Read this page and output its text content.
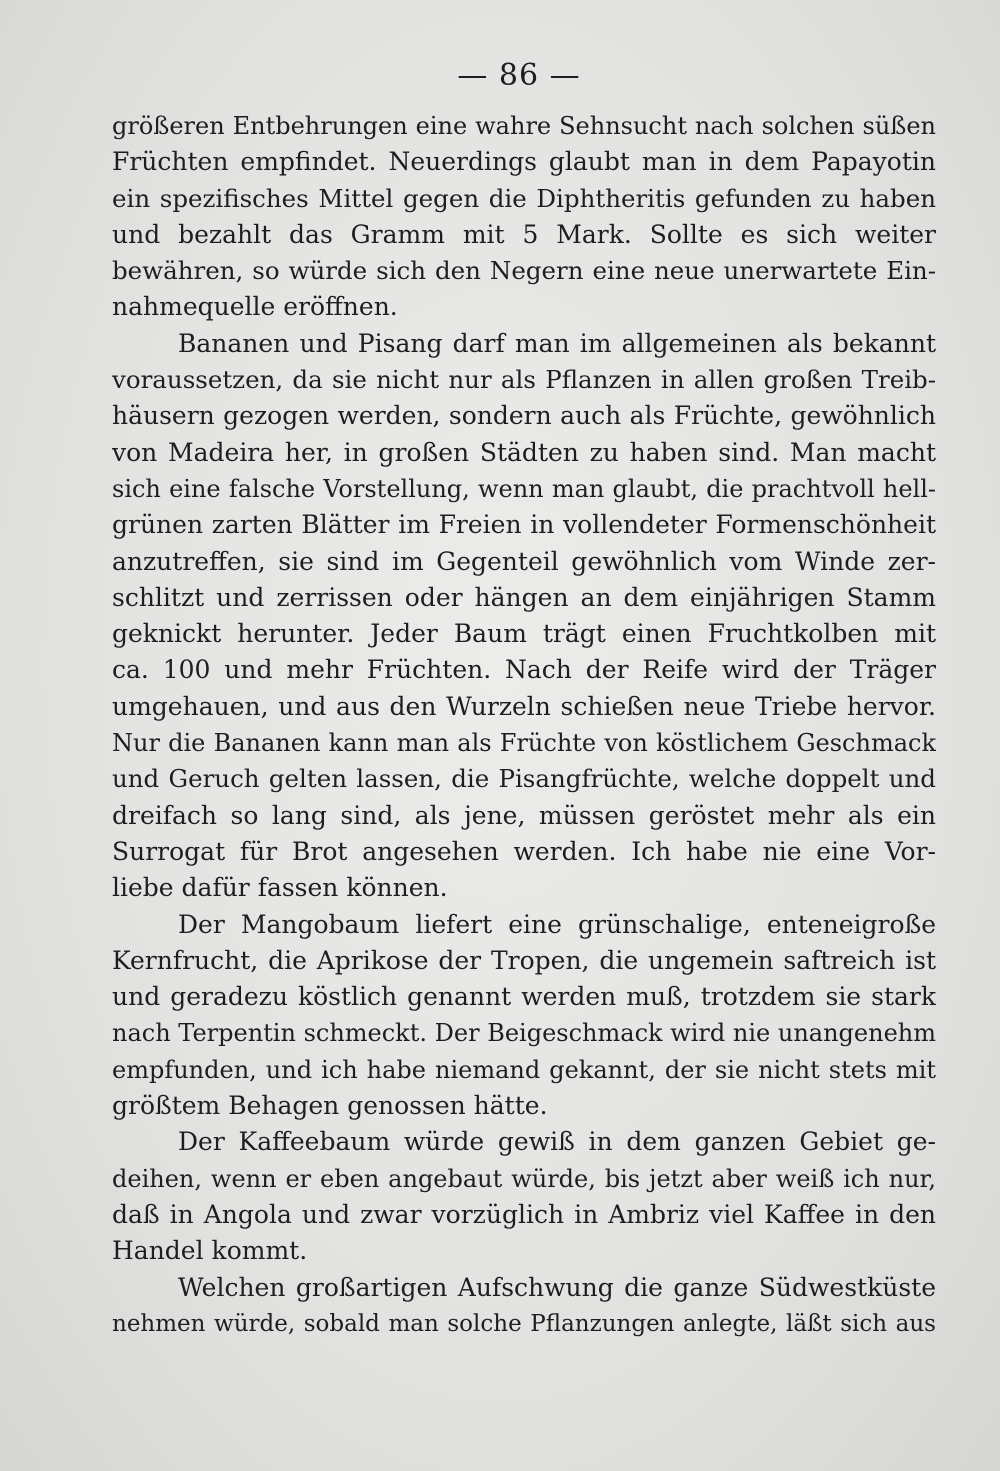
— 86 —
größeren Entbehrungen eine wahre Sehnsucht nach solchen süßen
Früchten empfindet. Neuerdings glaubt man in dem Papayotin
ein spezifisches Mittel gegen die Diphtheritis gefunden zu haben
und bezahlt das Gramm mit 5 Mark. Sollte es sich weiter
bewähren, so würde sich den Negern eine neue unerwartete Ein-
nahmequelle eröffnen.
Bananen und Pisang darf man im allgemeinen als bekannt
voraussetzen, da sie nicht nur als Pflanzen in allen großen Treib-
häusern gezogen werden, sondern auch als Früchte, gewöhnlich
von Madeira her, in großen Städten zu haben sind. Man macht
sich eine falsche Vorstellung, wenn man glaubt, die prachtvoll hell-
grünen zarten Blätter im Freien in vollendeter Formenschönheit
anzutreffen, sie sind im Gegenteil gewöhnlich vom Winde zer-
schlitzt und zerrissen oder hängen an dem einjährigen Stamm
geknickt herunter. Jeder Baum trägt einen Fruchtkolben mit
ca. 100 und mehr Früchten. Nach der Reife wird der Träger
umgehauen, und aus den Wurzeln schießen neue Triebe hervor.
Nur die Bananen kann man als Früchte von köstlichem Geschmack
und Geruch gelten lassen, die Pisangfrüchte, welche doppelt und
dreifach so lang sind, als jene, müssen geröstet mehr als ein
Surrogat für Brot angesehen werden. Ich habe nie eine Vor-
liebe dafür fassen können.
Der Mangobaum liefert eine grünschalige, enteneigroße
Kernfrucht, die Aprikose der Tropen, die ungemein saftreich ist
und geradezu köstlich genannt werden muß, trotzdem sie stark
nach Terpentin schmeckt. Der Beigeschmack wird nie unangenehm
empfunden, und ich habe niemand gekannt, der sie nicht stets mit
größtem Behagen genossen hätte.
Der Kaffeebaum würde gewiß in dem ganzen Gebiet ge-
deihen, wenn er eben angebaut würde, bis jetzt aber weiß ich nur,
daß in Angola und zwar vorzüglich in Ambriz viel Kaffee in den
Handel kommt.
Welchen großartigen Aufschwung die ganze Südwestküste
nehmen würde, sobald man solche Pflanzungen anlegte, läßt sich aus
